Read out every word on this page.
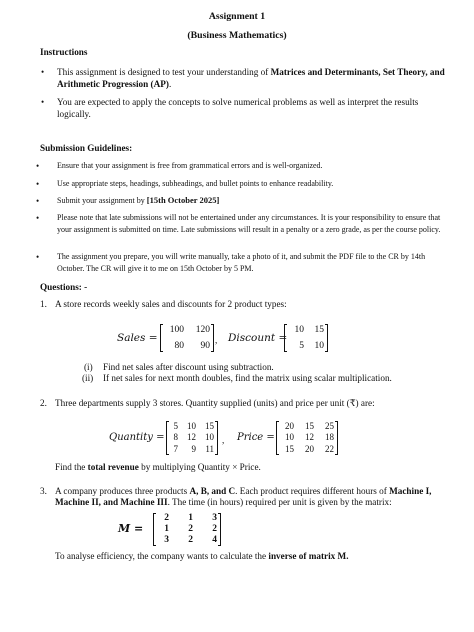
Assignment 1
(Business Mathematics)
Instructions
• This assignment is designed to test your understanding of Matrices and Determinants, Set Theory, and Arithmetic Progression (AP).
• You are expected to apply the concepts to solve numerical problems as well as interpret the results logically.
Submission Guidelines:
• Ensure that your assignment is free from grammatical errors and is well-organized.
• Use appropriate steps, headings, subheadings, and bullet points to enhance readability.
• Submit your assignment by [15th October 2025]
• Please note that late submissions will not be entertained under any circumstances. It is your responsibility to ensure that your assignment is submitted on time. Late submissions will result in a penalty or a zero grade, as per the course policy.
• The assignment you prepare, you will write manually, take a photo of it, and submit the PDF file to the CR by 14th October. The CR will give it to me on 15th October by 5 PM.
Questions: -
1. A store records weekly sales and discounts for 2 product types:
Sales =
100	120
80	90
, Discount =
10	15
5	10
(i) Find net sales after discount using subtraction.
(ii) If net sales for next month doubles, find the matrix using scalar multiplication.
2. Three departments supply 3 stores. Quantity supplied (units) and price per unit (₹) are:
Quantity =
5	10	15
8	12	10
7	9	11
, Price =
20	15	25
10	12	18
15	20	22
Find the total revenue by multiplying Quantity × Price.
3. A company produces three products A, B, and C. Each product requires different hours of Machine I,
Machine II, and Machine III. The time (in hours) required per unit is given by the matrix:
M =
2	1	3
1	2	2
3	2	4
To analyse efficiency, the company wants to calculate the inverse of matrix M.
